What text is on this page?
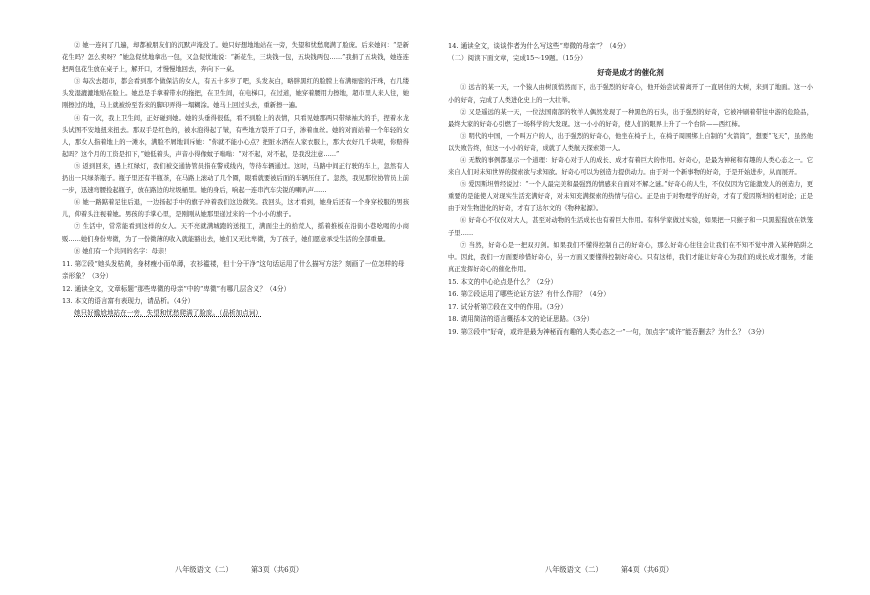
② 她一连问了几遍，却都被朋友们的沉默声淹没了。她只好想地地站在一旁，失望和忧愁爬满了脸庞。后来她问：“是新花生吗？怎么卖呀？”她急促忧地拿出一包，又急促忧地说：“新花生，三块钱一包，五块钱两包……”我捐了五块钱，她连连把两包花生放在桌子上，解开口，才慢慢地回去，奔向下一桌。

③ 每次去超市，都会看到那个做保洁的女人，有五十多岁了吧，头发灰白，略胖黑红的脸膛上布满细密的汗珠，右几缕头发湿漉漉地贴在脸上。她总是手拿着带水的拖把，在卫生间，在电梯口，在过道，她穿着腰用力擦地，超市里人来人往，她刚擦过的地，马上就被纷至沓来的脚印弄得一塌糊涂。她马上回过头去，重新擦一遍。

④ 有一次，我上卫生间，正好碰到她。她的头垂得很低，看不到脸上的表情，只看见她那两只带绿袖大的手，捏着水龙头试图不安地扭来扭去。那双手是红色的，被水泡得起了皱，有些地方裂开了口子，渗着血丝。她的对面站着一个年轻的女人，那女人指着地上的一滩水，满脸不屑地训斥她：“你就不能小心点？把脏水洒在人家衣服上，那大衣好几千块呢，你赔得起吗？这个月的工资是扣下，”她低着头，声音小得像蚊子嗡嗡：“对不起，对不起，是我没注意……”

⑤ 返到回来，遇上红绿灯，我们被交通协管员指在警戒线内，等待车辆通过。这时，马路中间正行驶的车上，忽然有人扔出一只绿茶瓶子。瓶子里还有半瓶茶，在马路上滚动了几个圈，眼看就要被后面的车辆压住了。忽然，我见那位协管员上前一步，迅速弯腰捡起瓶子，放在路边的垃圾桶里。她的身后，响起一连串汽车尖锐的喇叭声……

⑥ 她一路踮着足往后退，一边扬起手中的旗子冲着我们这边微笑。我回头，这才看到，她身后还有一个身穿校服的男孩儿，仰着头注视着她。男孩的手掌心里，是刚刚从她那里递过来的一个小小的旗子。

⑦ 生活中，常常能看到这样的女人。天不亮就满城跑的送报工，满面尘土的拾荒人，摇着推板在沿街小巷吆喝的小商贩……她们身份卑微，为了一份微薄的收入就能豁出去，她们又无比卑微，为了孩子，她们愿意承受生活的全部重量。

⑧ 她们有一个共同的名字：母亲！

11. 第②段“她头发枯黄，身材瘦小而单薄，衣衫褴褛，但十分干净”这句话运用了什么描写方法？刻画了一位怎样的母亲形象？（3分）

12. 通读全文，文章标题“那些卑微的母亲”中的“卑微”有哪几层含义？（4分）

13. 本文的语言富有表现力，请品析。（4分）

她只好尴尬地站在一旁，失望和忧愁爬满了脸庞。（品析加点词）

八年级语文（二）	第3页（共6页）

14. 通读全文，谈谈作者为什么写这些“卑微的母亲”？（4分）

（二）阅读下面文章，完成15～19题。（15分）

好奇是成才的催化剂

① 远古的某一天，一个猿人由树顶悄然而下，出于强烈的好奇心，他开始尝试着离开了一直居住的大树，来到了地面。这一小小的好奇，完成了人类进化史上的一大壮举。

② 又是遥远的某一天，一位法国南部的牧羊人偶然发现了一种黑色的石头，出于强烈的好奇，它被冲刷着带往中游的危险品，最终大家的好奇心引燃了一场科学的大发现。这一小小的好奇，使人们的眼界上升了一个台阶——西红柿。

③ 明代的中国，一个叫万户的人，出于强烈的好奇心，他坐在椅子上，在椅子周围绑上自制的“火箭筒”，想要“飞天”，虽然他以失败告终，但这一小小的好奇，成就了人类航天探索第一人。

④ 无数的事例都显示一个道理：好奇心对于人的成长、成才有着巨大的作用。好奇心，是最为神秘和有趣的人类心态之一。它来自人们对未知世界的探索欲与求知欲。好奇心可以为创造力提供动力。由于对一个新事物的好奇，于是开始进步，从而展开。

⑤ 爱因斯坦曾经说过：“一个人最完美和最强烈的情感来自面对不解之谜。”好奇心的人生，不仅仅因为它能激发人的创造力，更重要的是能使人对现实生活充满好奇，对未知充满探索的热情与信心。正是由于对物理学的好奇，才有了爱因斯坦的相对论；正是由于对生物进化的好奇，才有了达尔文的《物种起源》。

⑥ 好奇心不仅仅对大人，甚至对动物的生活成长也有着巨大作用。有科学家做过实验，如果把一只猴子和一只黑猩猩放在铁笼子里……

⑦ 当然，好奇心是一把双刃剑。如果我们不懂得控制自己的好奇心，那么好奇心往往会让我们在不知不觉中滑入某种陷阱之中。因此，我们一方面要珍惜好奇心，另一方面又要懂得控制好奇心。只有这样，我们才能让好奇心为我们的成长成才服务，才能真正发挥好奇心的催化作用。

15. 本文的中心论点是什么？（2分）

16. 第②段运用了哪些论证方法？有什么作用？（4分）

17. 试分析第⑦段在文中的作用。（3分）

18. 请用简洁的语言概括本文的论证思路。（3分）

19. 第③段中“好奇，或许是最为神秘而有趣的人类心态之一”一句，加点字“或许”能否删去？为什么？（3分）

八年级语文（二）	第4页（共6页）
